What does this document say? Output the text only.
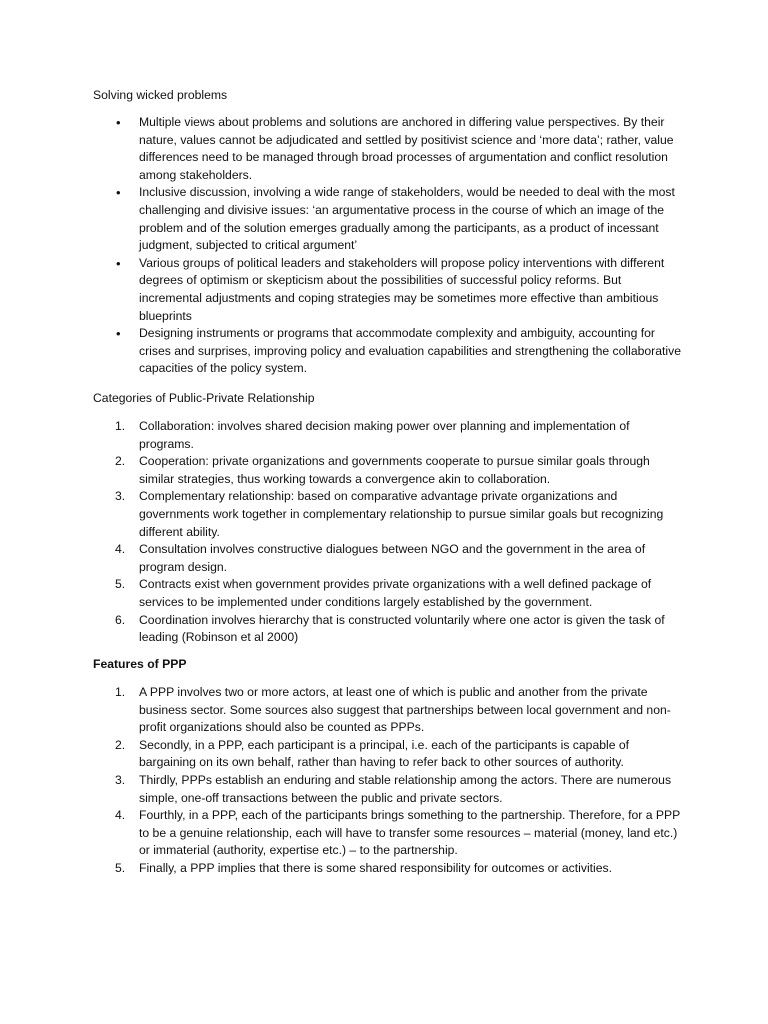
Solving wicked problems

•	Multiple views about problems and solutions are anchored in differing value perspectives. By their nature, values cannot be adjudicated and settled by positivist science and ‘more data’; rather, value differences need to be managed through broad processes of argumentation and conflict resolution among stakeholders.
•	Inclusive discussion, involving a wide range of stakeholders, would be needed to deal with the most challenging and divisive issues: ‘an argumentative process in the course of which an image of the problem and of the solution emerges gradually among the participants, as a product of incessant judgment, subjected to critical argument’
•	Various groups of political leaders and stakeholders will propose policy interventions with different degrees of optimism or skepticism about the possibilities of successful policy reforms. But incremental adjustments and coping strategies may be sometimes more effective than ambitious blueprints
•	Designing instruments or programs that accommodate complexity and ambiguity, accounting for crises and surprises, improving policy and evaluation capabilities and strengthening the collaborative capacities of the policy system.

Categories of Public-Private Relationship

1.	Collaboration: involves shared decision making power over planning and implementation of programs.
2.	Cooperation: private organizations and governments cooperate to pursue similar goals through similar strategies, thus working towards a convergence akin to collaboration.
3.	Complementary relationship: based on comparative advantage private organizations and governments work together in complementary relationship to pursue similar goals but recognizing different ability.
4.	Consultation involves constructive dialogues between NGO and the government in the area of program design.
5.	Contracts exist when government provides private organizations with a well defined package of services to be implemented under conditions largely established by the government.
6.	Coordination involves hierarchy that is constructed voluntarily where one actor is given the task of leading (Robinson et al 2000)

Features of PPP

1.	A PPP involves two or more actors, at least one of which is public and another from the private business sector. Some sources also suggest that partnerships between local government and non-profit organizations should also be counted as PPPs.
2.	Secondly, in a PPP, each participant is a principal, i.e. each of the participants is capable of bargaining on its own behalf, rather than having to refer back to other sources of authority.
3.	Thirdly, PPPs establish an enduring and stable relationship among the actors. There are numerous simple, one-off transactions between the public and private sectors.
4.	Fourthly, in a PPP, each of the participants brings something to the partnership. Therefore, for a PPP to be a genuine relationship, each will have to transfer some resources – material (money, land etc.) or immaterial (authority, expertise etc.) – to the partnership.
5.	Finally, a PPP implies that there is some shared responsibility for outcomes or activities.
